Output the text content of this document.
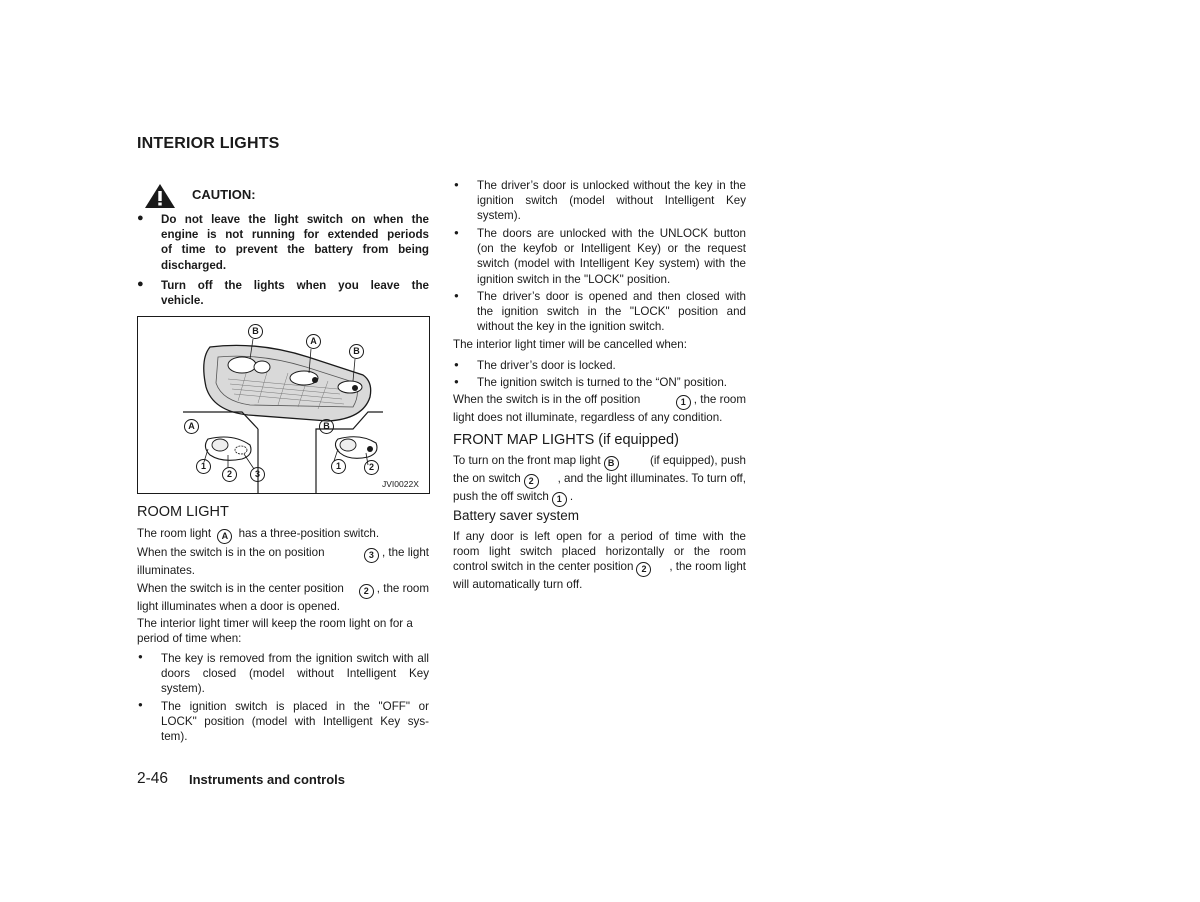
INTERIOR LIGHTS
CAUTION:
● Do not leave the light switch on when the
engine is not running for extended periods
of time to prevent the battery from being
discharged.
● Turn off the lights when you leave the
vehicle.
B
A
B
A	B
1
2	3
1	2
JVI0022X
ROOM LIGHT
The room light A has a three-position switch.
When the switch is in the on position	3 , the light
illuminates.
When the switch is in the center position	2 , the room
light illuminates when a door is opened.
The interior light timer will keep the room light on for a
period of time when:
● The key is removed from the ignition switch with all
doors closed (model without Intelligent Key
system).
● The ignition switch is placed in the "OFF" or
LOCK" position (model with Intelligent Key sys-
tem).
● The driver’s door is unlocked without the key in the
ignition switch (model without Intelligent Key
system).
● The doors are unlocked with the UNLOCK button
(on the keyfob or Intelligent Key) or the request
switch (model with Intelligent Key system) with the
ignition switch in the "LOCK" position.
● The driver’s door is opened and then closed with
the ignition switch in the "LOCK" position and
without the key in the ignition switch.
The interior light timer will be cancelled when:
● The driver’s door is locked.
● The ignition switch is turned to the “ON” position.
When the switch is in the off position	1 , the room
light does not illuminate, regardless of any condition.
FRONT MAP LIGHTS (if equipped)
To turn on the front map light B	(if equipped), push
the on switch 2	, and the light illuminates. To turn off,
push the off switch 1 .
Battery saver system
If any door is left open for a period of time with the
room light switch placed horizontally or the room
control switch in the center position 2	, the room light
will automatically turn off.
2-46 Instruments and controls
